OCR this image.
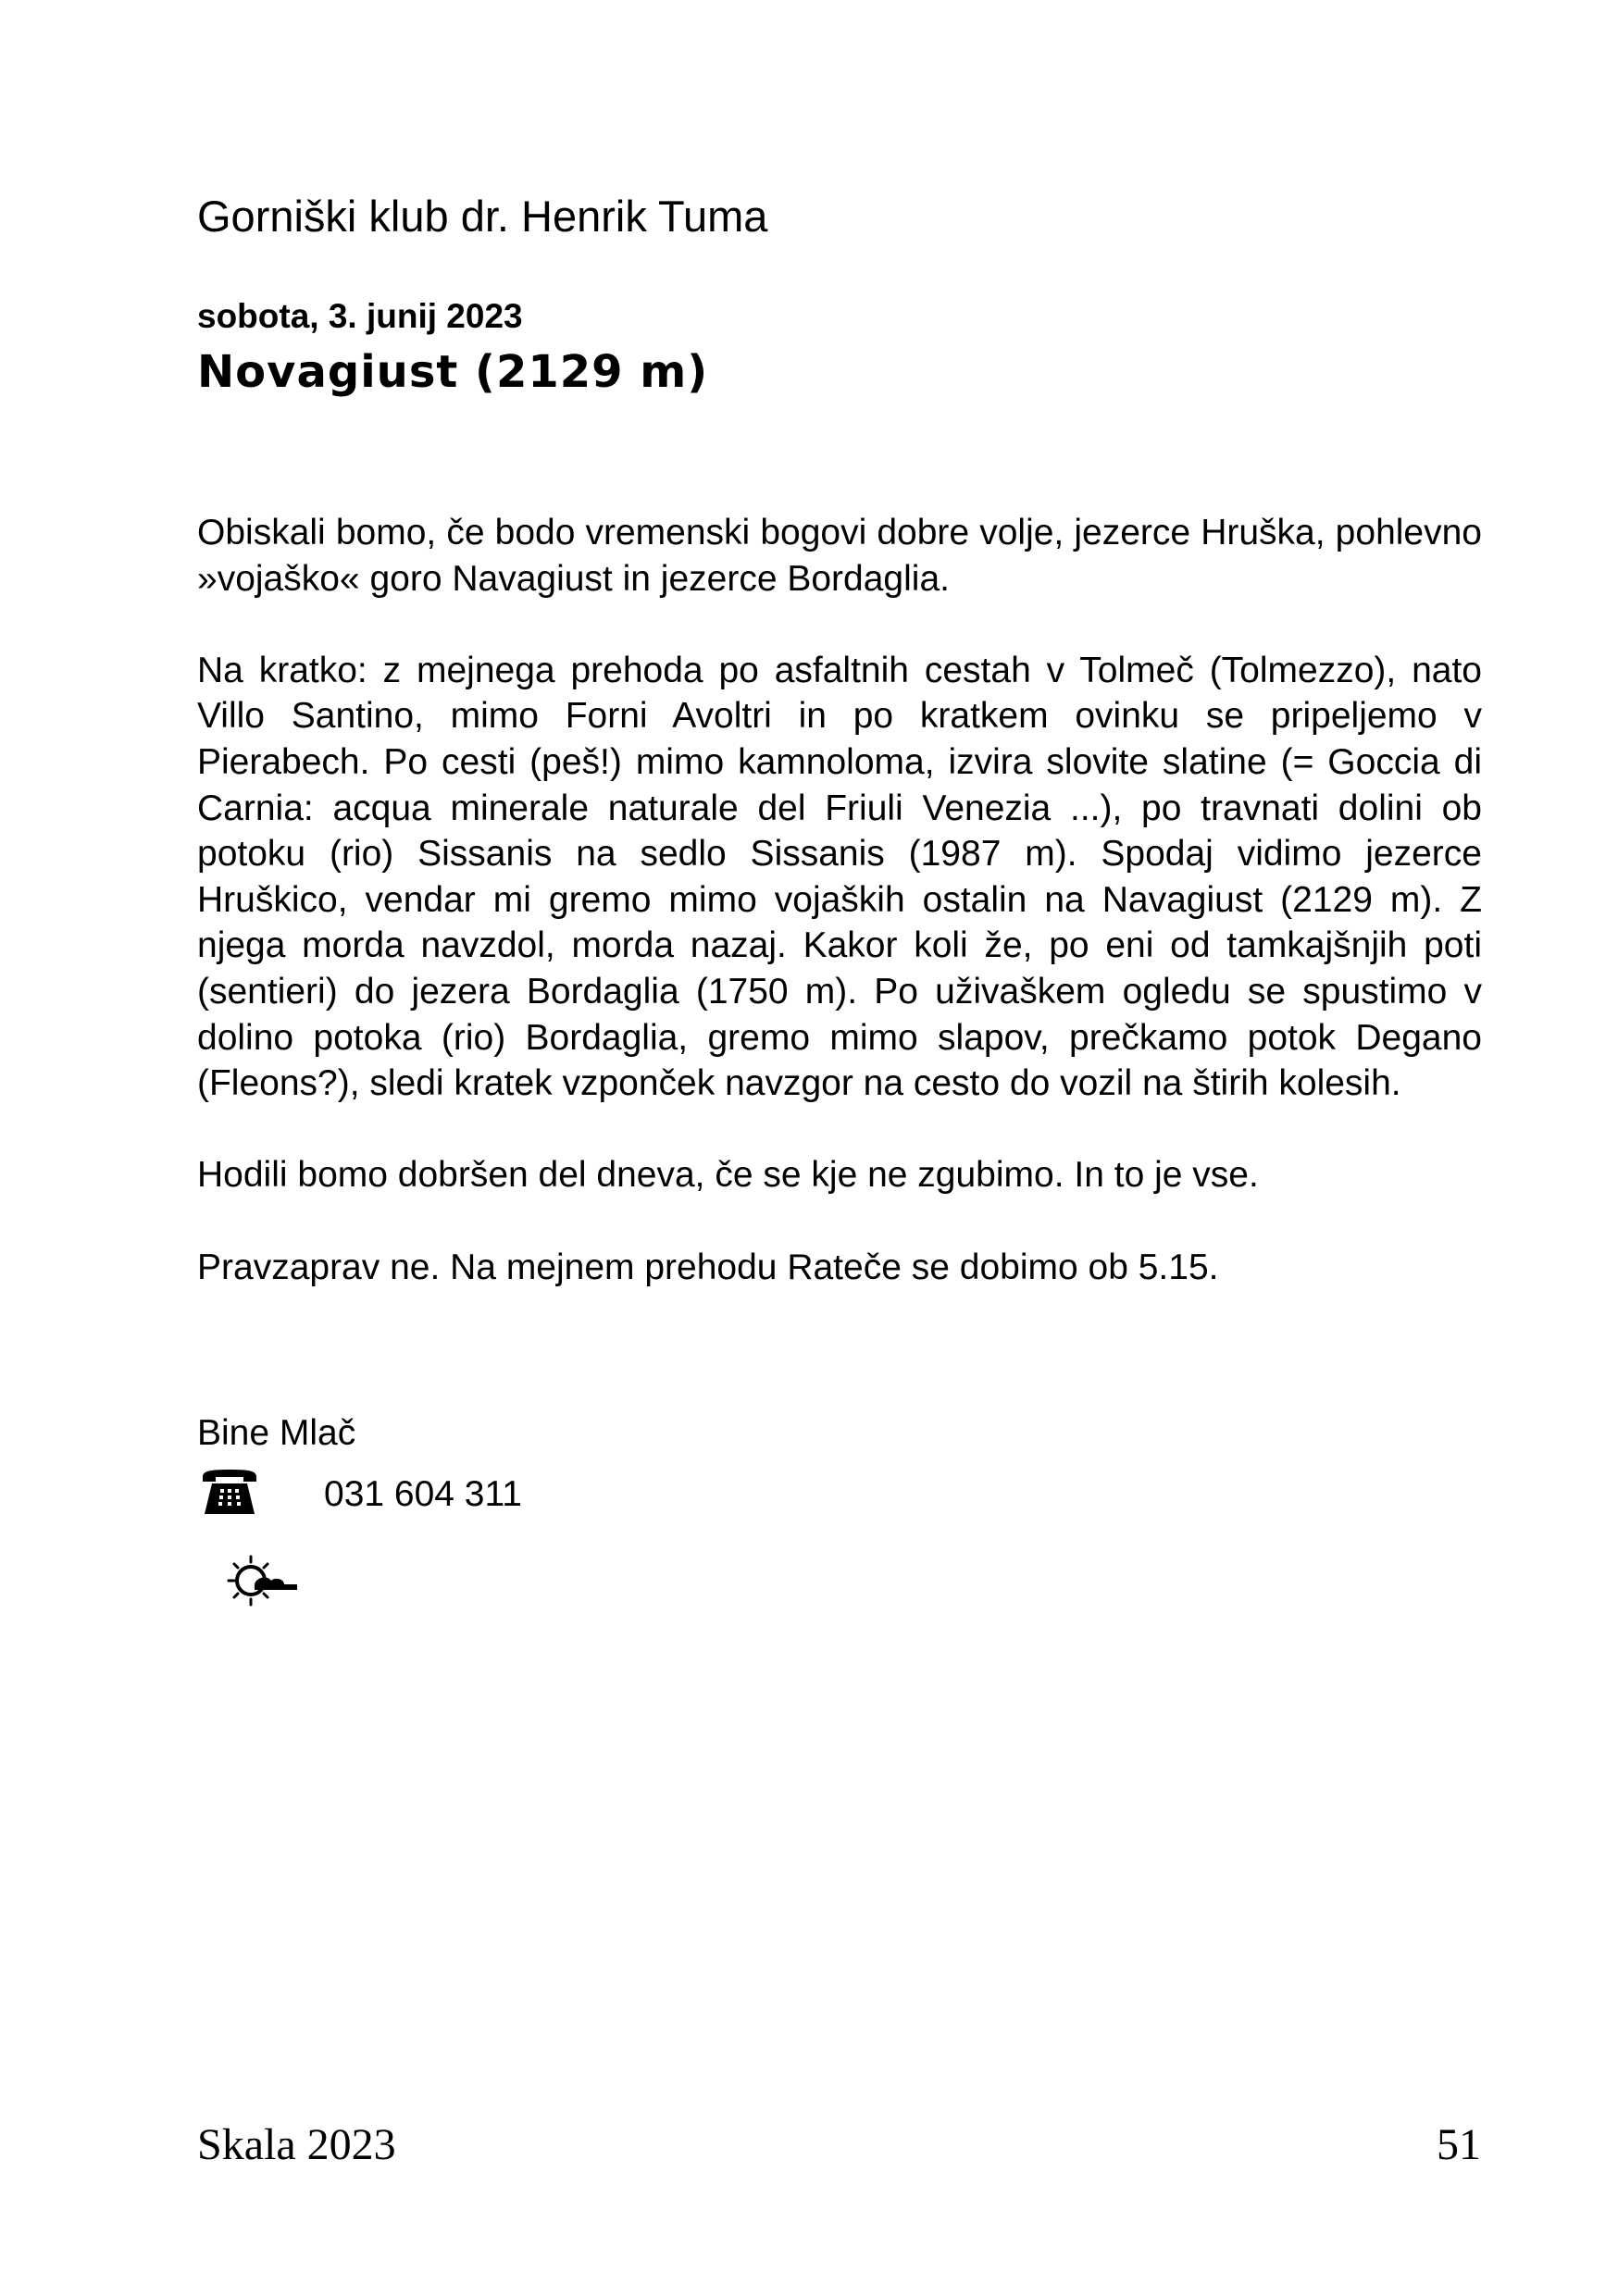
Gorniški klub dr. Henrik Tuma
sobota, 3. junij 2023
Novagiust (2129 m)

Obiskali bomo, če bodo vremenski bogovi dobre volje, jezerce Hruška, pohlevno »vojaško« goro Navagiust in jezerce Bordaglia.

Na kratko: z mejnega prehoda po asfaltnih cestah v Tolmeč (Tolmezzo), nato Villo Santino, mimo Forni Avoltri in po kratkem ovinku se pripeljemo v Pierabech. Po cesti (peš!) mimo kamnoloma, izvira slovite slatine (= Goccia di Carnia: acqua minerale naturale del Friuli Venezia ...), po travnati dolini ob potoku (rio) Sissanis na sedlo Sissanis (1987 m). Spodaj vidimo jezerce Hruškico, vendar mi gremo mimo vojaških ostalin na Navagiust (2129 m). Z njega morda navzdol, morda nazaj. Kakor koli že, po eni od tamkajšnjih poti (sentieri) do jezera Bordaglia (1750 m). Po uživaškem ogledu se spustimo v dolino potoka (rio) Bordaglia, gremo mimo slapov, prečkamo potok Degano (Fleons?), sledi kratek vzponček navzgor na cesto do vozil na štirih kolesih.

Hodili bomo dobršen del dneva, če se kje ne zgubimo. In to je vse.

Pravzaprav ne. Na mejnem prehodu Rateče se dobimo ob 5.15.

Bine Mlač
031 604 311
Skala 2023	51
